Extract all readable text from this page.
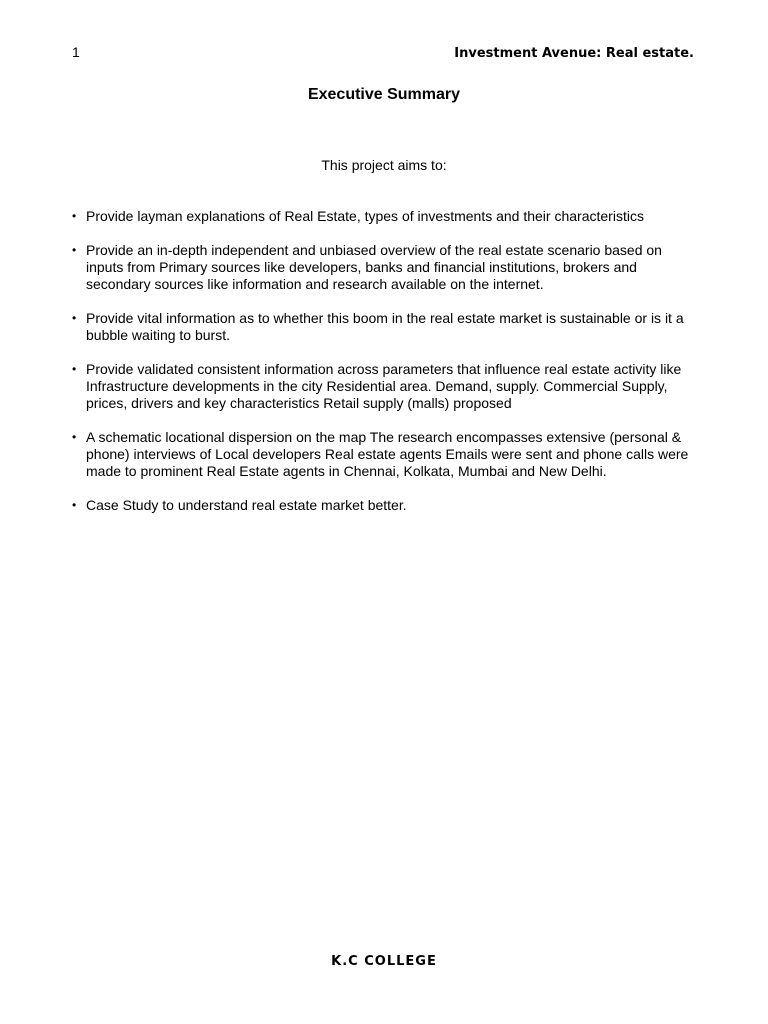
1	Investment Avenue: Real estate.
Executive Summary
This project aims to:
• Provide layman explanations of Real Estate, types of investments and their characteristics
• Provide an in-depth independent and unbiased overview of the real estate scenario based on inputs from Primary sources like developers, banks and financial institutions, brokers and secondary sources like information and research available on the internet.
• Provide vital information as to whether this boom in the real estate market is sustainable or is it a bubble waiting to burst.
• Provide validated consistent information across parameters that influence real estate activity like Infrastructure developments in the city Residential area. Demand, supply. Commercial Supply, prices, drivers and key characteristics Retail supply (malls) proposed
• A schematic locational dispersion on the map The research encompasses extensive (personal & phone) interviews of Local developers Real estate agents Emails were sent and phone calls were made to prominent Real Estate agents in Chennai, Kolkata, Mumbai and New Delhi.
• Case Study to understand real estate market better.
K.C COLLEGE
